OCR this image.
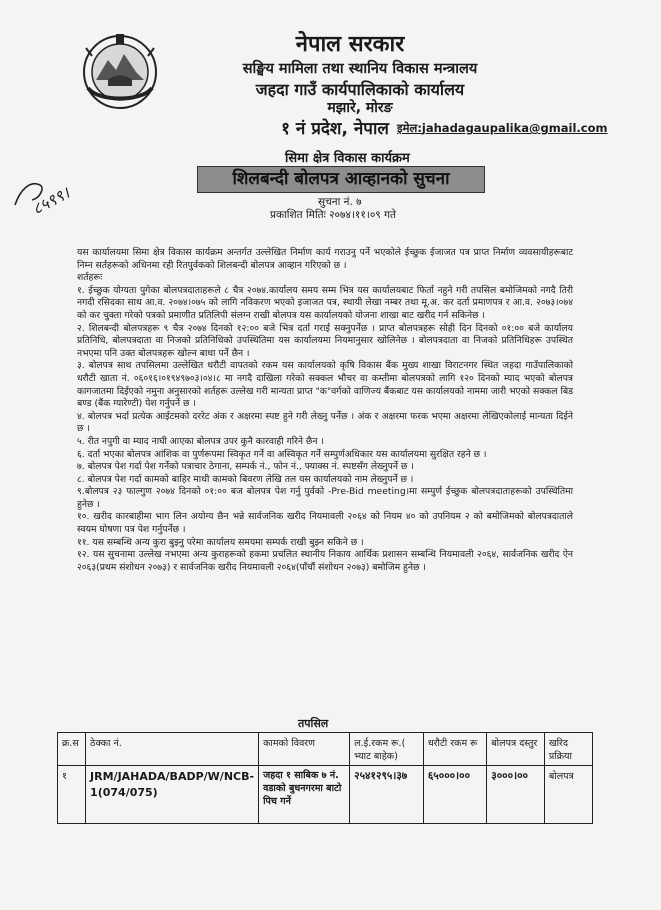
नेपाल सरकार
सङ्घिय मामिला तथा स्थानिय विकास मन्त्रालय
जहदा गाउँ कार्यपालिकाको कार्यालय
मझारे, मोरङ
१ नं प्रदेश, नेपाल इमेल:jahadagaupalika@gmail.com
८५९९।
सिमा क्षेत्र विकास कार्यक्रम
शिलबन्दी बोलपत्र आव्हानको सुचना
सुचना नं. ७
प्रकाशित मितिः २०७४।११।०९ गते

यस कार्यालयमा सिमा क्षेत्र विकास कार्यक्रम अन्तर्गत उल्लेखित निर्माण कार्य गराउनु पर्ने भएकोले ईच्छुक ईजाजत पत्र प्राप्त निर्माण व्यवसायीहरूबाट निम्न सर्तहरूको अधिनमा रही रितपुर्वकको शिलबन्दी बोलपत्र आव्हान गरिएको छ ।

शर्तहरूः

१. ईच्छुक योग्यता पुगेका बोलपत्रदाताहरूले ८ चैत्र २०७४.कार्यालय समय सम्म भित्र यस कार्यालयबाट फिर्ता नहुने गरी तपसिल बमोजिमको नगदै तिरी नगदी रसिदका साथ आ.व. २०७४।०७५ को लागि नविकरण भएको इजाजत पत्र, स्थायी लेखा नम्बर तथा मू.अ. कर दर्ता प्रमाणपत्र र आ.व. २०७३।०७४ को कर चुक्ता गरेको पत्रको प्रमाणीत प्रतिलिपी संलग्न राखी बोलपत्र यस कार्यालयको योजना शाखा बाट खरीद गर्न सकिनेछ ।

२. शिलबन्दी बोलपत्रहरू ९ चैत्र २०७४ दिनको १२:०० बजे भित्र दर्ता गराई सक्नुपर्नेछ । प्राप्त बोलपत्रहरू सोही दिन दिनको ०१:०० बजे कार्यालय प्रतिनिधि, बोलपत्रदाता वा निजको प्रतिनिधिको उपस्थितिमा यस कार्यालयमा नियमानुसार खोलिनेछ । बोलपत्रदाता वा निजको प्रतिनिधिहरू उपस्थित नभएमा पनि उक्त बोलपत्रहरू खोल्न बाधा पर्ने छैन ।

३. बोलपत्र साथ तपसिलमा उल्लेखित धरौटी वापतको रकम यस कार्यालयको कृषि विकास बैंक मुख्य शाखा विराटनगर स्थित जहदा गाउँपालिकाको धरौटी खाता नं. ०६०१६।०१९४९७०३।०४।८ मा नगदै दाखिला गरेको सक्कल भौचर वा कम्तीमा बोलपत्रको लागि १२० दिनको म्याद भएको बोलपत्र कागजातमा दिईएको नमुना अनुसारको शर्तहरू उल्लेख गरी मान्यता प्राप्त "क"वर्गको वाणिज्य बैंकबाट यस कार्यालयको नाममा जारी भएको सक्कल बिड बण्ड (बैंक ग्यारेण्टी) पेश गर्नुपर्ने छ ।

४. बोलपत्र भर्दा प्रत्येक आईटमको दररेट अंक र अक्षरमा स्पष्ट हुने गरी लेख्नु पर्नेछ । अंक र अक्षरमा फरक भएमा अक्षरमा लेखिएकोलाई मान्यता दिईने छ ।

५. रीत नपुगी वा म्याद नाघी आएका बोलपत्र उपर कुनै कारवाही गरिने छैन ।

६. दर्ता भएका बोलपत्र आंशिक वा पुर्णरूपमा स्विकृत गर्ने वा अस्विकृत गर्ने सम्पुर्णअधिकार यस कार्यालयमा सुरक्षित रहने छ ।

७. बोलपत्र पेश गर्दा पेश गर्नेको पत्राचार ठेगाना, सम्पर्क नं., फोन नं., फ्याक्स नं. स्पष्टसँग लेख्नुपर्ने छ ।

८. बोलपत्र पेश गर्दा कामको बाहिर माथी कामको बिवरण लेखि तल यस कार्यालयको नाम लेख्नुपर्ने छ ।

९.बोलपत्र २३ फाल्गुण २०७४ दिनको ०१:०० बज बोलपत्र पेश गर्नु पुर्वको -Pre-Bid meeting।मा सम्पुर्ण ईच्छुक बोलपत्रदाताहरूको उपस्थितिमा हुनेछ ।

१०. खरीद कारबाहीमा भाग लिन अयोग्य छैन भन्ने सार्वजनिक खरीद नियमावली २०६४ को नियम ४० को उपनियम २ को बमोजिमको बोलपत्रदाताले स्वयम घोषणा पत्र पेश गर्नुपर्नेछ ।

११. यस सम्बन्धि अन्य कुरा बुझ्नु परेमा कार्यालय समयमा सम्पर्क राखी बुझ्न सकिने छ ।

१२. यस सुचनामा उल्लेख नभएमा अन्य कुराहरूको हकमा प्रचलित स्थानीय निकाय आर्थिक प्रशासन सम्बन्धि नियमावली २०६४, सार्वजनिक खरीद ऐन २०६३(प्रथम संशोधन २०७३) र सार्वजनिक खरीद नियमावली २०६४(पाँचौं संशोधन २०७३) बमोजिम हुनेछ ।

तपसिल
क्र.स	ठेक्का नं.	कामको विवरण	ल.ई.रकम रू.( भ्याट बाहेक)	धरौटी रकम रू	बोलपत्र दस्तुर	खरिद प्रक्रिया
१	JRM/JAHADA/BADP/W/NCB-1(074/075)	जहदा १ साबिक ७ नं. वडाको बुधनगरमा बाटो पिच गर्ने	२५४१२९५।३७	६५०००।००	३०००।००	बोलपत्र
